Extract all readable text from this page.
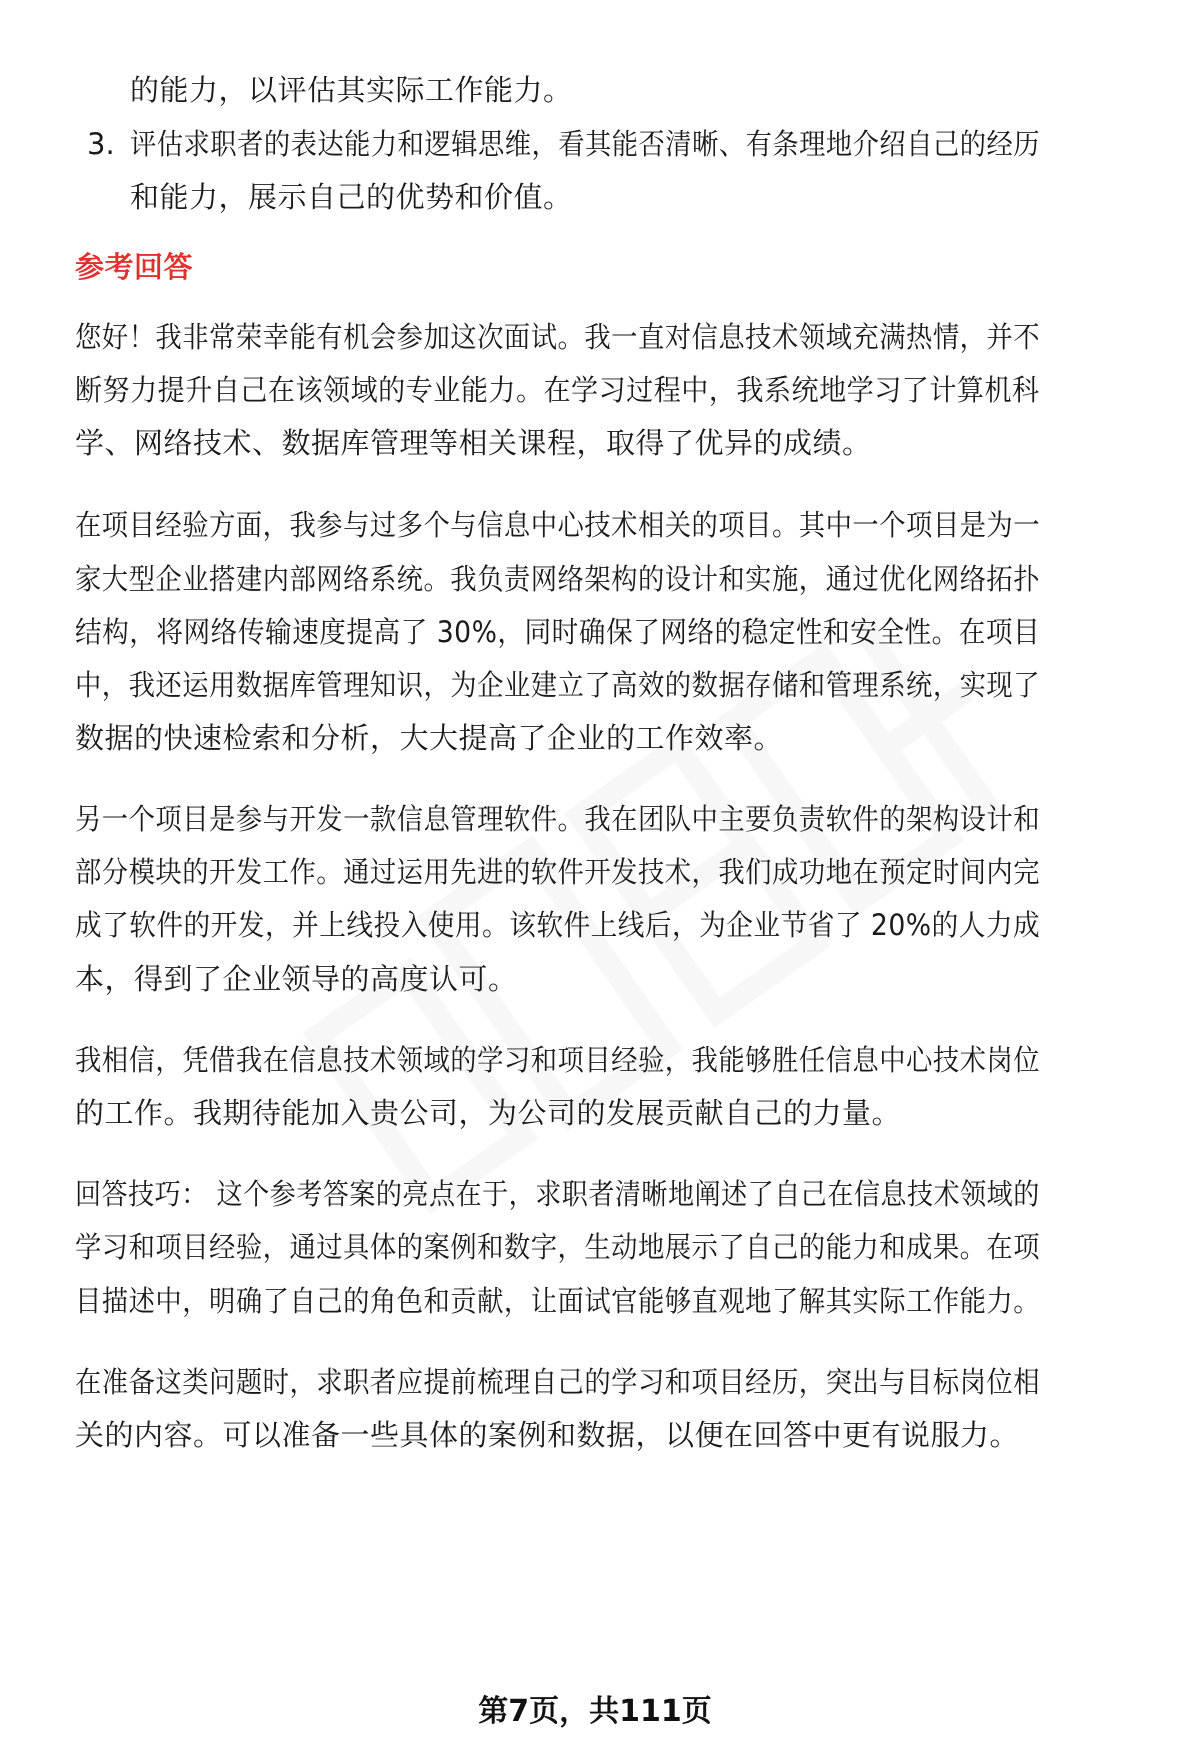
的能力，以评估其实际工作能力。
3. 评估求职者的表达能力和逻辑思维，看其能否清晰、有条理地介绍自己的经历
和能力，展示自己的优势和价值。
参考回答
您好！我非常荣幸能有机会参加这次面试。我一直对信息技术领域充满热情，并不
断努力提升自己在该领域的专业能力。在学习过程中，我系统地学习了计算机科
学、网络技术、数据库管理等相关课程，取得了优异的成绩。
在项目经验方面，我参与过多个与信息中心技术相关的项目。其中一个项目是为一
家大型企业搭建内部网络系统。我负责网络架构的设计和实施，通过优化网络拓扑
结构，将网络传输速度提高了 30%，同时确保了网络的稳定性和安全性。在项目
中，我还运用数据库管理知识，为企业建立了高效的数据存储和管理系统，实现了
数据的快速检索和分析，大大提高了企业的工作效率。
另一个项目是参与开发一款信息管理软件。我在团队中主要负责软件的架构设计和
部分模块的开发工作。通过运用先进的软件开发技术，我们成功地在预定时间内完
成了软件的开发，并上线投入使用。该软件上线后，为企业节省了 20%的人力成
本，得到了企业领导的高度认可。
我相信，凭借我在信息技术领域的学习和项目经验，我能够胜任信息中心技术岗位
的工作。我期待能加入贵公司，为公司的发展贡献自己的力量。
回答技巧： 这个参考答案的亮点在于，求职者清晰地阐述了自己在信息技术领域的
学习和项目经验，通过具体的案例和数字，生动地展示了自己的能力和成果。在项
目描述中，明确了自己的角色和贡献，让面试官能够直观地了解其实际工作能力。
在准备这类问题时，求职者应提前梳理自己的学习和项目经历，突出与目标岗位相
关的内容。可以准备一些具体的案例和数据，以便在回答中更有说服力。
第7页，共111页
